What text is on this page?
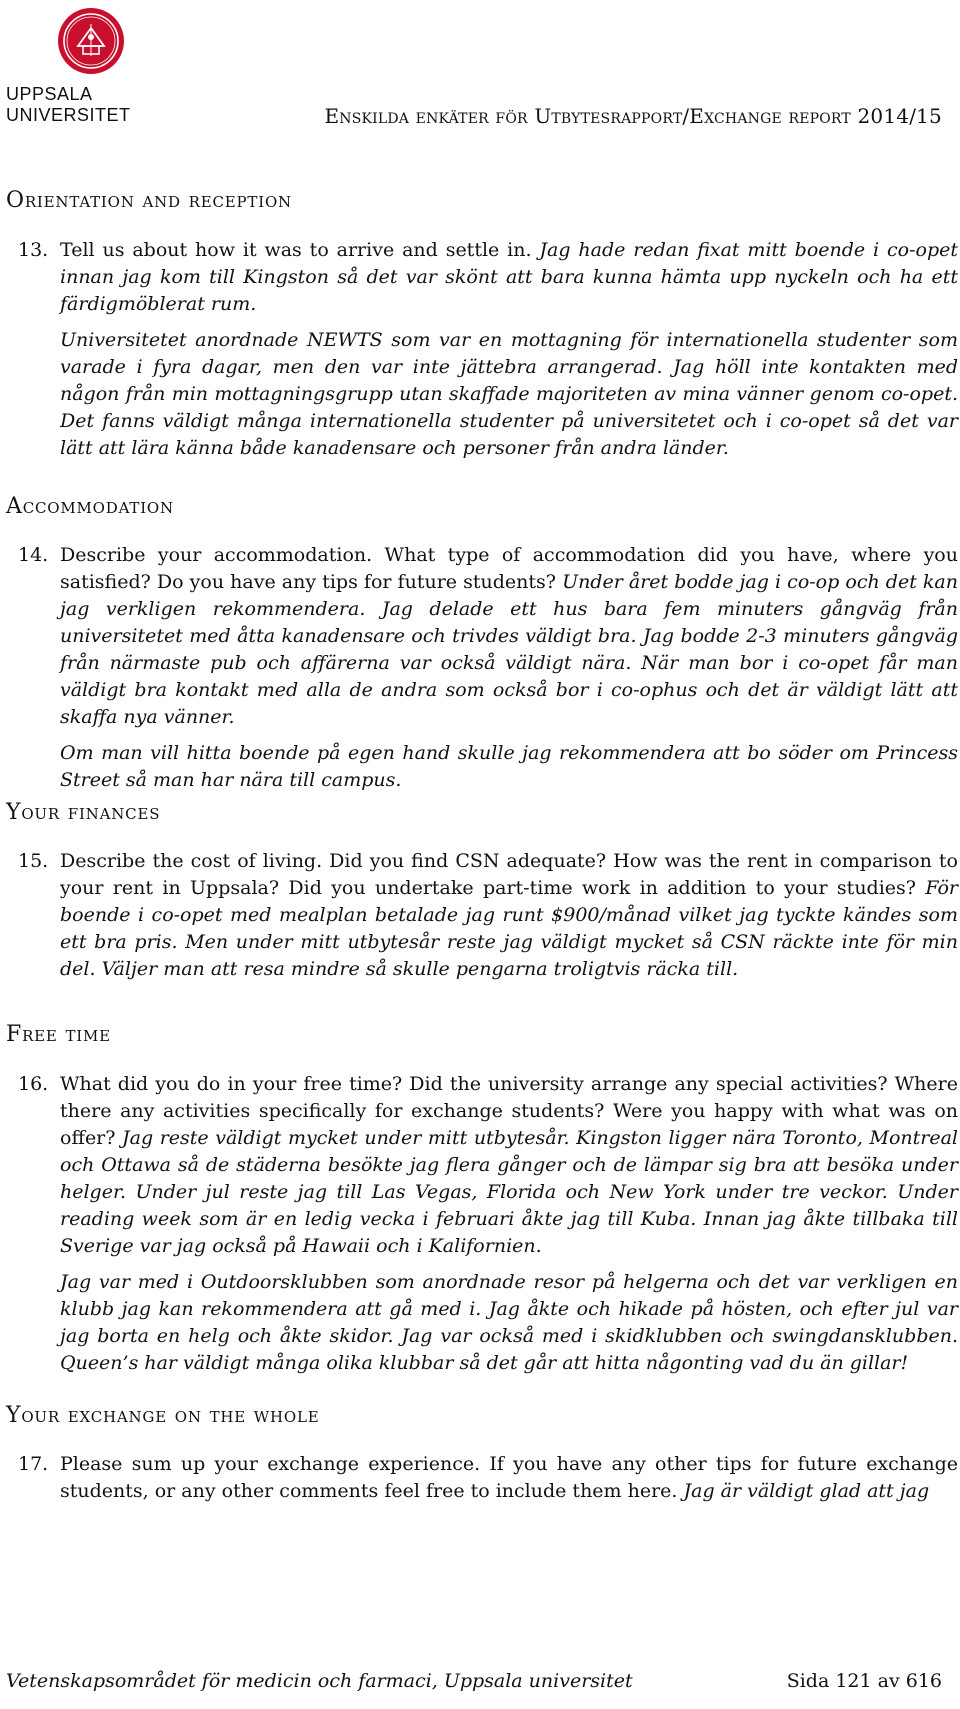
UPPSALA
UNIVERSITET	Enskilda enkäter för Utbytesrapport/Exchange report 2014/15
Orientation and reception
13. Tell us about how it was to arrive and settle in. Jag hade redan fixat mitt boende i co-opet innan jag kom till Kingston så det var skönt att bara kunna hämta upp nyckeln och ha ett färdigmöblerat rum.

Universitetet anordnade NEWTS som var en mottagning för internationella studenter som varade i fyra dagar, men den var inte jättebra arrangerad. Jag höll inte kontakten med någon från min mottagningsgrupp utan skaffade majoriteten av mina vänner genom co-opet. Det fanns väldigt många internationella studenter på universitetet och i co-opet så det var lätt att lära känna både kanadensare och personer från andra länder.

Accommodation
14. Describe your accommodation. What type of accommodation did you have, where you satisfied? Do you have any tips for future students? Under året bodde jag i co-op och det kan jag verkligen rekommendera. Jag delade ett hus bara fem minuters gångväg från universitetet med åtta kanadensare och trivdes väldigt bra. Jag bodde 2-3 minuters gångväg från närmaste pub och affärerna var också väldigt nära. När man bor i co-opet får man väldigt bra kontakt med alla de andra som också bor i co-ophus och det är väldigt lätt att skaffa nya vänner.

Om man vill hitta boende på egen hand skulle jag rekommendera att bo söder om Princess Street så man har nära till campus.

Your finances
15. Describe the cost of living. Did you find CSN adequate? How was the rent in comparison to your rent in Uppsala? Did you undertake part-time work in addition to your studies? För boende i co-opet med mealplan betalade jag runt $900/månad vilket jag tyckte kändes som ett bra pris. Men under mitt utbytesår reste jag väldigt mycket så CSN räckte inte för min del. Väljer man att resa mindre så skulle pengarna troligtvis räcka till.

Free time
16. What did you do in your free time? Did the university arrange any special activities? Where there any activities specifically for exchange students? Were you happy with what was on offer? Jag reste väldigt mycket under mitt utbytesår. Kingston ligger nära Toronto, Montreal och Ottawa så de städerna besökte jag flera gånger och de lämpar sig bra att besöka under helger. Under jul reste jag till Las Vegas, Florida och New York under tre veckor. Under reading week som är en ledig vecka i februari åkte jag till Kuba. Innan jag åkte tillbaka till Sverige var jag också på Hawaii och i Kalifornien.

Jag var med i Outdoorsklubben som anordnade resor på helgerna och det var verkligen en klubb jag kan rekommendera att gå med i. Jag åkte och hikade på hösten, och efter jul var jag borta en helg och åkte skidor. Jag var också med i skidklubben och swingdansklubben. Queen’s har väldigt många olika klubbar så det går att hitta någonting vad du än gillar!

Your exchange on the whole
17. Please sum up your exchange experience. If you have any other tips for future exchange students, or any other comments feel free to include them here. Jag är väldigt glad att jag

Vetenskapsområdet för medicin och farmaci, Uppsala universitet	Sida 121 av 616
